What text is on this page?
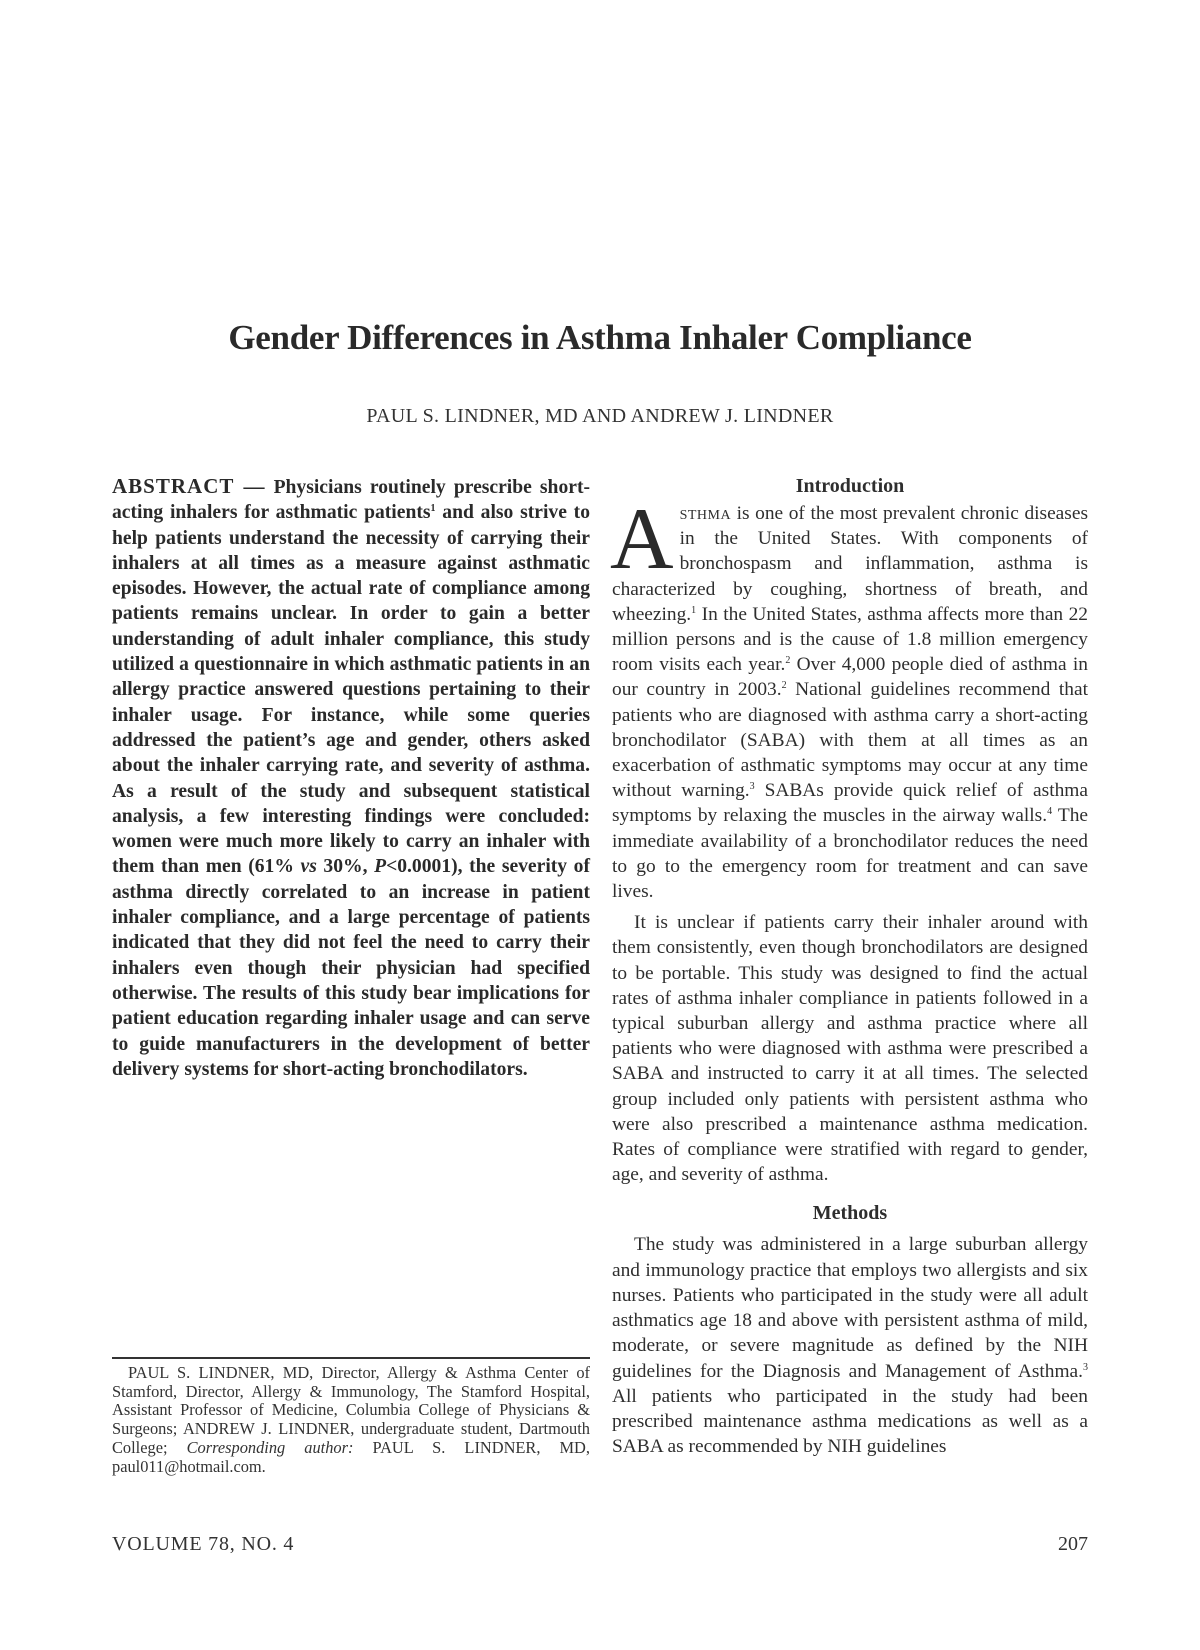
Gender Differences in Asthma Inhaler Compliance
PAUL S. LINDNER, MD AND ANDREW J. LINDNER
ABSTRACT — Physicians routinely prescribe short-acting inhalers for asthmatic patients$^1$ and also strive to help patients understand the necessity of carrying their inhalers at all times as a measure against asthmatic episodes. However, the actual rate of compliance among patients remains unclear. In order to gain a better understanding of adult inhaler compliance, this study utilized a questionnaire in which asthmatic patients in an allergy practice answered questions pertaining to their inhaler usage. For instance, while some queries addressed the patient’s age and gender, others asked about the inhaler carrying rate, and severity of asthma. As a result of the study and subsequent statistical analysis, a few interesting findings were concluded: women were much more likely to carry an inhaler with them than men (61% vs 30%, P<0.0001), the severity of asthma directly correlated to an increase in patient inhaler compliance, and a large percentage of patients indicated that they did not feel the need to carry their inhalers even though their physician had specified otherwise. The results of this study bear implications for patient education regarding inhaler usage and can serve to guide manufacturers in the development of better delivery systems for short-acting bronchodilators.

PAUL S. LINDNER, MD, Director, Allergy & Asthma Center of Stamford, Director, Allergy & Immunology, The Stamford Hospital, Assistant Professor of Medicine, Columbia College of Physicians & Surgeons; ANDREW J. LINDNER, undergraduate student, Dartmouth College; Corresponding author: PAUL S. LINDNER, MD, paul011@hotmail.com.

Introduction

Asthma is one of the most prevalent chronic diseases in the United States. With components of bronchospasm and inflammation, asthma is characterized by coughing, shortness of breath, and wheezing.$^1$ In the United States, asthma affects more than 22 million persons and is the cause of 1.8 million emergency room visits each year.$^2$ Over 4,000 people died of asthma in our country in 2003.$^2$ National guidelines recommend that patients who are diagnosed with asthma carry a short-acting bronchodilator (SABA) with them at all times as an exacerbation of asthmatic symptoms may occur at any time without warning.$^3$ SABAs provide quick relief of asthma symptoms by relaxing the muscles in the airway walls.$^4$ The immediate availability of a bronchodilator reduces the need to go to the emergency room for treatment and can save lives.

It is unclear if patients carry their inhaler around with them consistently, even though bronchodilators are designed to be portable. This study was designed to find the actual rates of asthma inhaler compliance in patients followed in a typical suburban allergy and asthma practice where all patients who were diagnosed with asthma were prescribed a SABA and instructed to carry it at all times. The selected group included only patients with persistent asthma who were also prescribed a maintenance asthma medication. Rates of compliance were stratified with regard to gender, age, and severity of asthma.

Methods

The study was administered in a large suburban allergy and immunology practice that employs two allergists and six nurses. Patients who participated in the study were all adult asthmatics age 18 and above with persistent asthma of mild, moderate, or severe magnitude as defined by the NIH guidelines for the Diagnosis and Management of Asthma.$^3$ All patients who participated in the study had been prescribed maintenance asthma medications as well as a SABA as recommended by NIH guidelines

VOLUME 78, NO. 4	207
